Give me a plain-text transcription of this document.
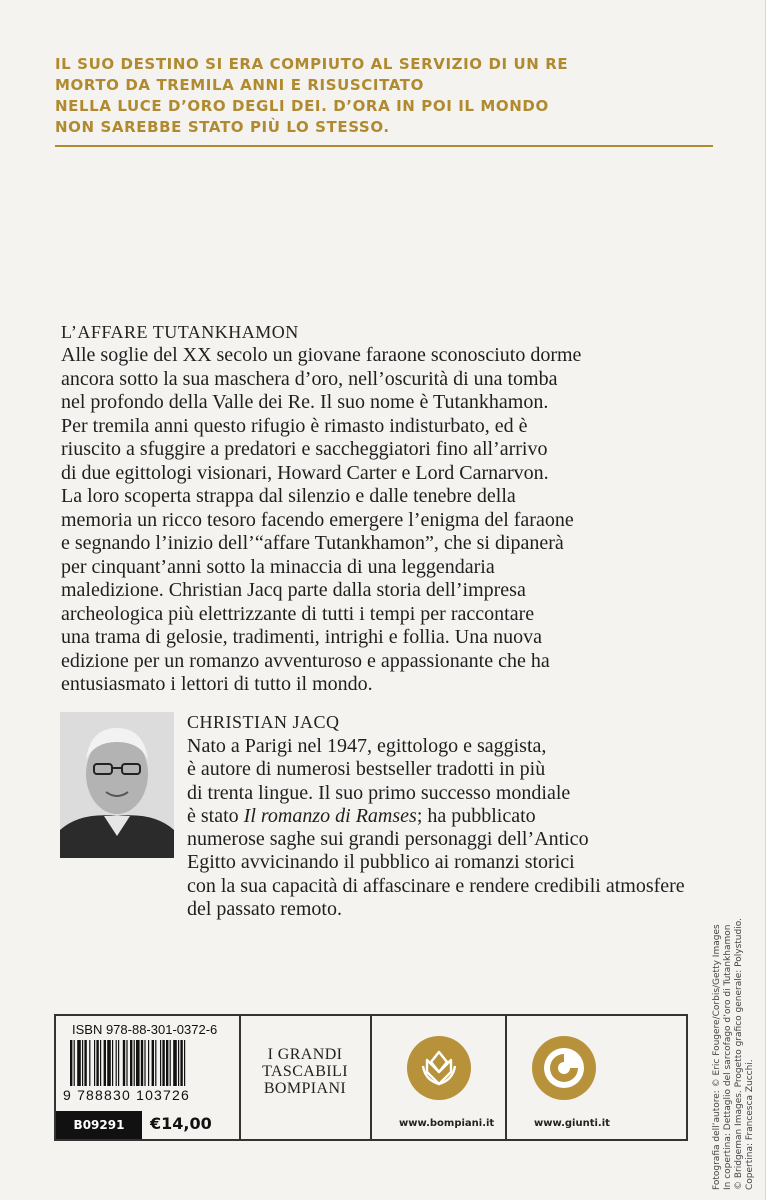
IL SUO DESTINO SI ERA COMPIUTO AL SERVIZIO DI UN RE
MORTO DA TREMILA ANNI E RISUSCITATO
NELLA LUCE D’ORO DEGLI DEI. D’ORA IN POI IL MONDO
NON SAREBBE STATO PIÙ LO STESSO.
L’AFFARE TUTANKHAMON
Alle soglie del XX secolo un giovane faraone sconosciuto dorme
ancora sotto la sua maschera d’oro, nell’oscurità di una tomba
nel profondo della Valle dei Re. Il suo nome è Tutankhamon.
Per tremila anni questo rifugio è rimasto indisturbato, ed è
riuscito a sfuggire a predatori e saccheggiatori fino all’arrivo
di due egittologi visionari, Howard Carter e Lord Carnarvon.
La loro scoperta strappa dal silenzio e dalle tenebre della
memoria un ricco tesoro facendo emergere l’enigma del faraone
e segnando l’inizio dell’“affare Tutankhamon”, che si dipanerà
per cinquant’anni sotto la minaccia di una leggendaria
maledizione. Christian Jacq parte dalla storia dell’impresa
archeologica più elettrizzante di tutti i tempi per raccontare
una trama di gelosie, tradimenti, intrighi e follia. Una nuova
edizione per un romanzo avventuroso e appassionante che ha
entusiasmato i lettori di tutto il mondo.
CHRISTIAN JACQ
Nato a Parigi nel 1947, egittologo e saggista,
è autore di numerosi bestseller tradotti in più
di trenta lingue. Il suo primo successo mondiale
è stato Il romanzo di Ramses; ha pubblicato
numerose saghe sui grandi personaggi dell’Antico
Egitto avvicinando il pubblico ai romanzi storici
con la sua capacità di affascinare e rendere credibili atmosfere
del passato remoto.
Fotografia dell’autore: © Eric Fougere/Corbis/Getty Images In copertina: Dettaglio del sarcofago d’oro di Tutankhamon © Bridgeman Images. Progetto grafico generale: Polystudio. Copertina: Francesca Zucchi.
ISBN 978-88-301-0372-6
9 788830 103726
B09291	€14,00
I GRANDI
TASCABILI
BOMPIANI
www.bompiani.it	www.giunti.it
